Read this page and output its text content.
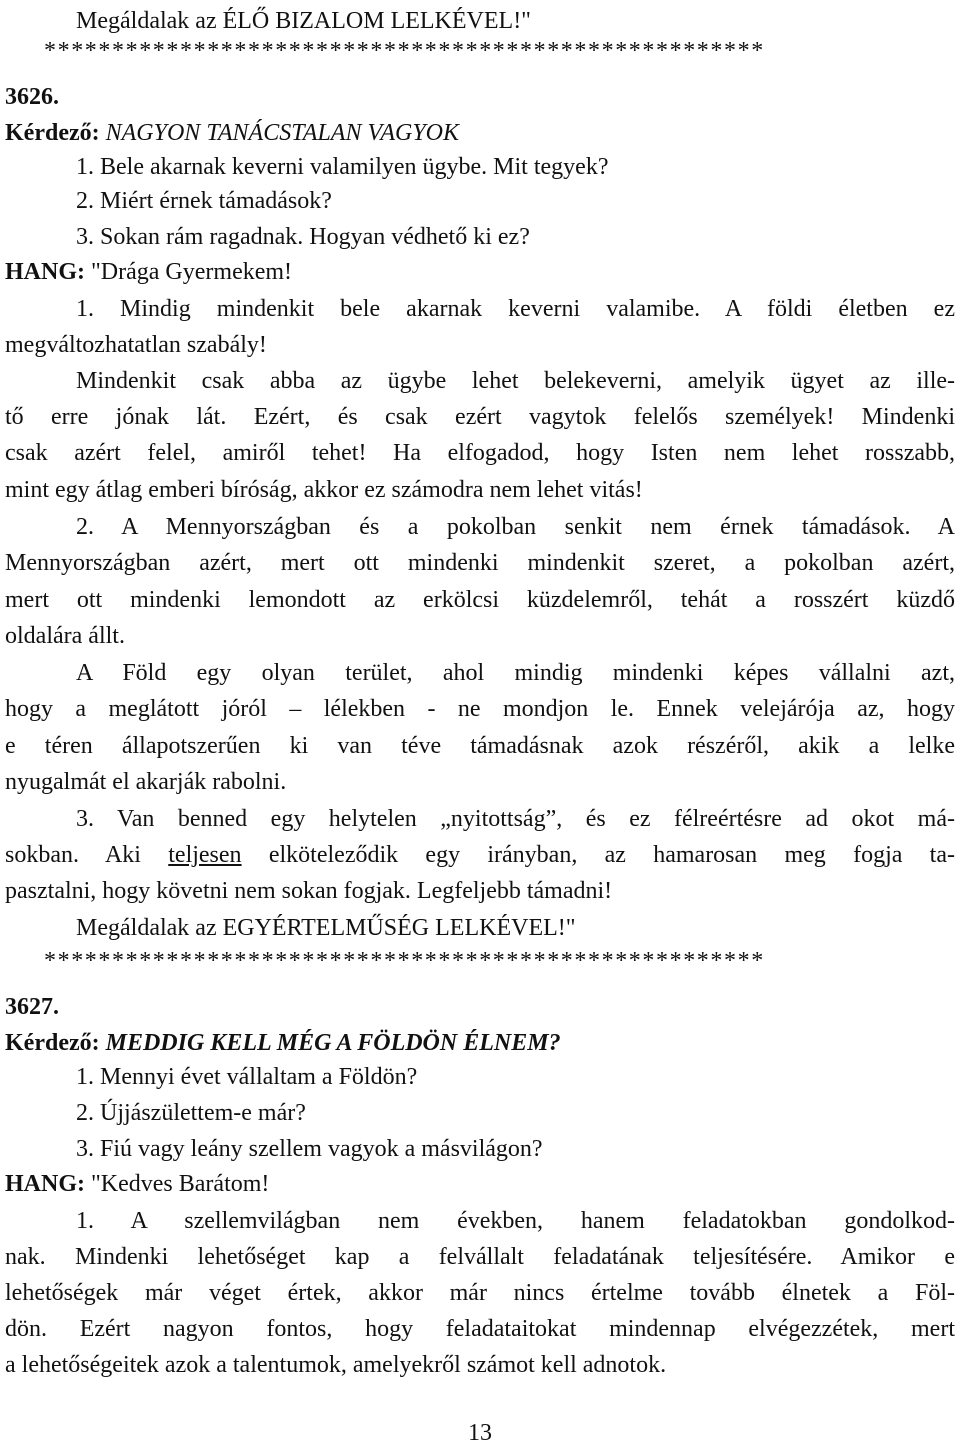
Megáldalak az ÉLŐ BIZALOM LELKÉVEL!"

*****************************************************

3626.

Kérdező: NAGYON TANÁCSTALAN VAGYOK

1. Bele akarnak keverni valamilyen ügybe. Mit tegyek?

2. Miért érnek támadások?

3. Sokan rám ragadnak. Hogyan védhető ki ez?

HANG: "Drága Gyermekem!

1. Mindig mindenkit bele akarnak keverni valamibe. A földi életben ez

megváltozhatatlan szabály!

Mindenkit csak abba az ügybe lehet belekeverni, amelyik ügyet az ille-

tő erre jónak lát. Ezért, és csak ezért vagytok felelős személyek! Mindenki

csak azért felel, amiről tehet! Ha elfogadod, hogy Isten nem lehet rosszabb,

mint egy átlag emberi bíróság, akkor ez számodra nem lehet vitás!

2. A Mennyországban és a pokolban senkit nem érnek támadások. A

Mennyországban azért, mert ott mindenki mindenkit szeret, a pokolban azért,

mert ott mindenki lemondott az erkölcsi küzdelemről, tehát a rosszért küzdő

oldalára állt.

A Föld egy olyan terület, ahol mindig mindenki képes vállalni azt,

hogy a meglátott jóról – lélekben - ne mondjon le. Ennek velejárója az, hogy

e téren állapotszerűen ki van téve támadásnak azok részéről, akik a lelke

nyugalmát el akarják rabolni.

3. Van benned egy helytelen „nyitottság”, és ez félreértésre ad okot má-

sokban. Aki teljesen elköteleződik egy irányban, az hamarosan meg fogja ta-

pasztalni, hogy követni nem sokan fogjak. Legfeljebb támadni!

Megáldalak az EGYÉRTELMŰSÉG LELKÉVEL!"

*****************************************************

3627.

Kérdező: MEDDIG KELL MÉG A FÖLDÖN ÉLNEM?

1. Mennyi évet vállaltam a Földön?

2. Újjászülettem-e már?

3. Fiú vagy leány szellem vagyok a másvilágon?

HANG: "Kedves Barátom!

1. A szellemvilágban nem években, hanem feladatokban gondolkod-

nak. Mindenki lehetőséget kap a felvállalt feladatának teljesítésére. Amikor e

lehetőségek már véget értek, akkor már nincs értelme tovább élnetek a Föl-

dön. Ezért nagyon fontos, hogy feladataitokat mindennap elvégezzétek, mert

a lehetőségeitek azok a talentumok, amelyekről számot kell adnotok.

13
